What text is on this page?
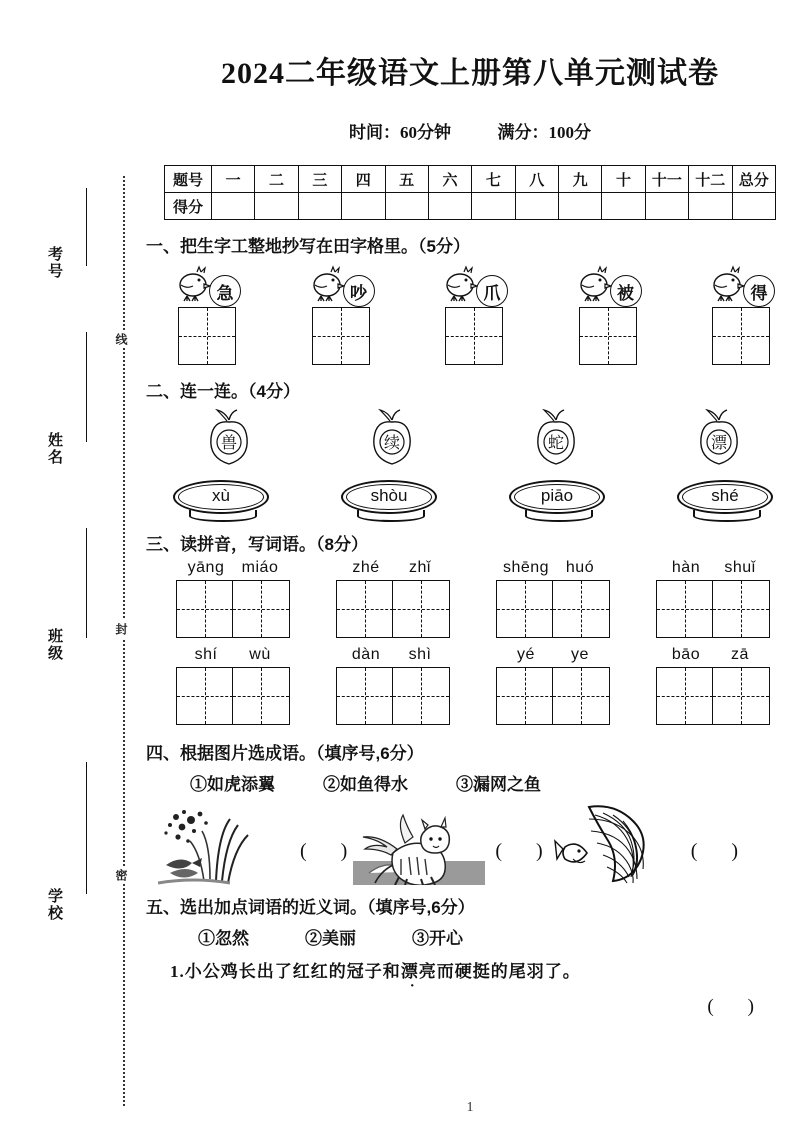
考号
姓名
班级
学校
线
封
密
2024二年级语文上册第八单元测试卷
时间：60分钟	满分：100分
题号	一	二	三	四	五	六	七	八	九	十	十一	十二	总分
得分													
一、把生字工整地抄写在田字格里。（5分）
急	吵	爪	被	得
二、连一连。（4分）
兽	续	蛇	漂
xù	shòu	piāo	shé
三、读拼音，写词语。（8分）
yāng miáo	zhé zhǐ	shēng huó	hàn shuǐ
shí wù	dàn shì	yé ye	bāo zā
四、根据图片选成语。（填序号,6分）
①如虎添翼	②如鱼得水	③漏网之鱼
( )	( )	( )
五、选出加点词语的近义词。（填序号,6分）
①忽然	②美丽	③开心
1.小公鸡长出了红红的冠子和漂亮 · ·而硬挺的尾羽了。
( )
1
